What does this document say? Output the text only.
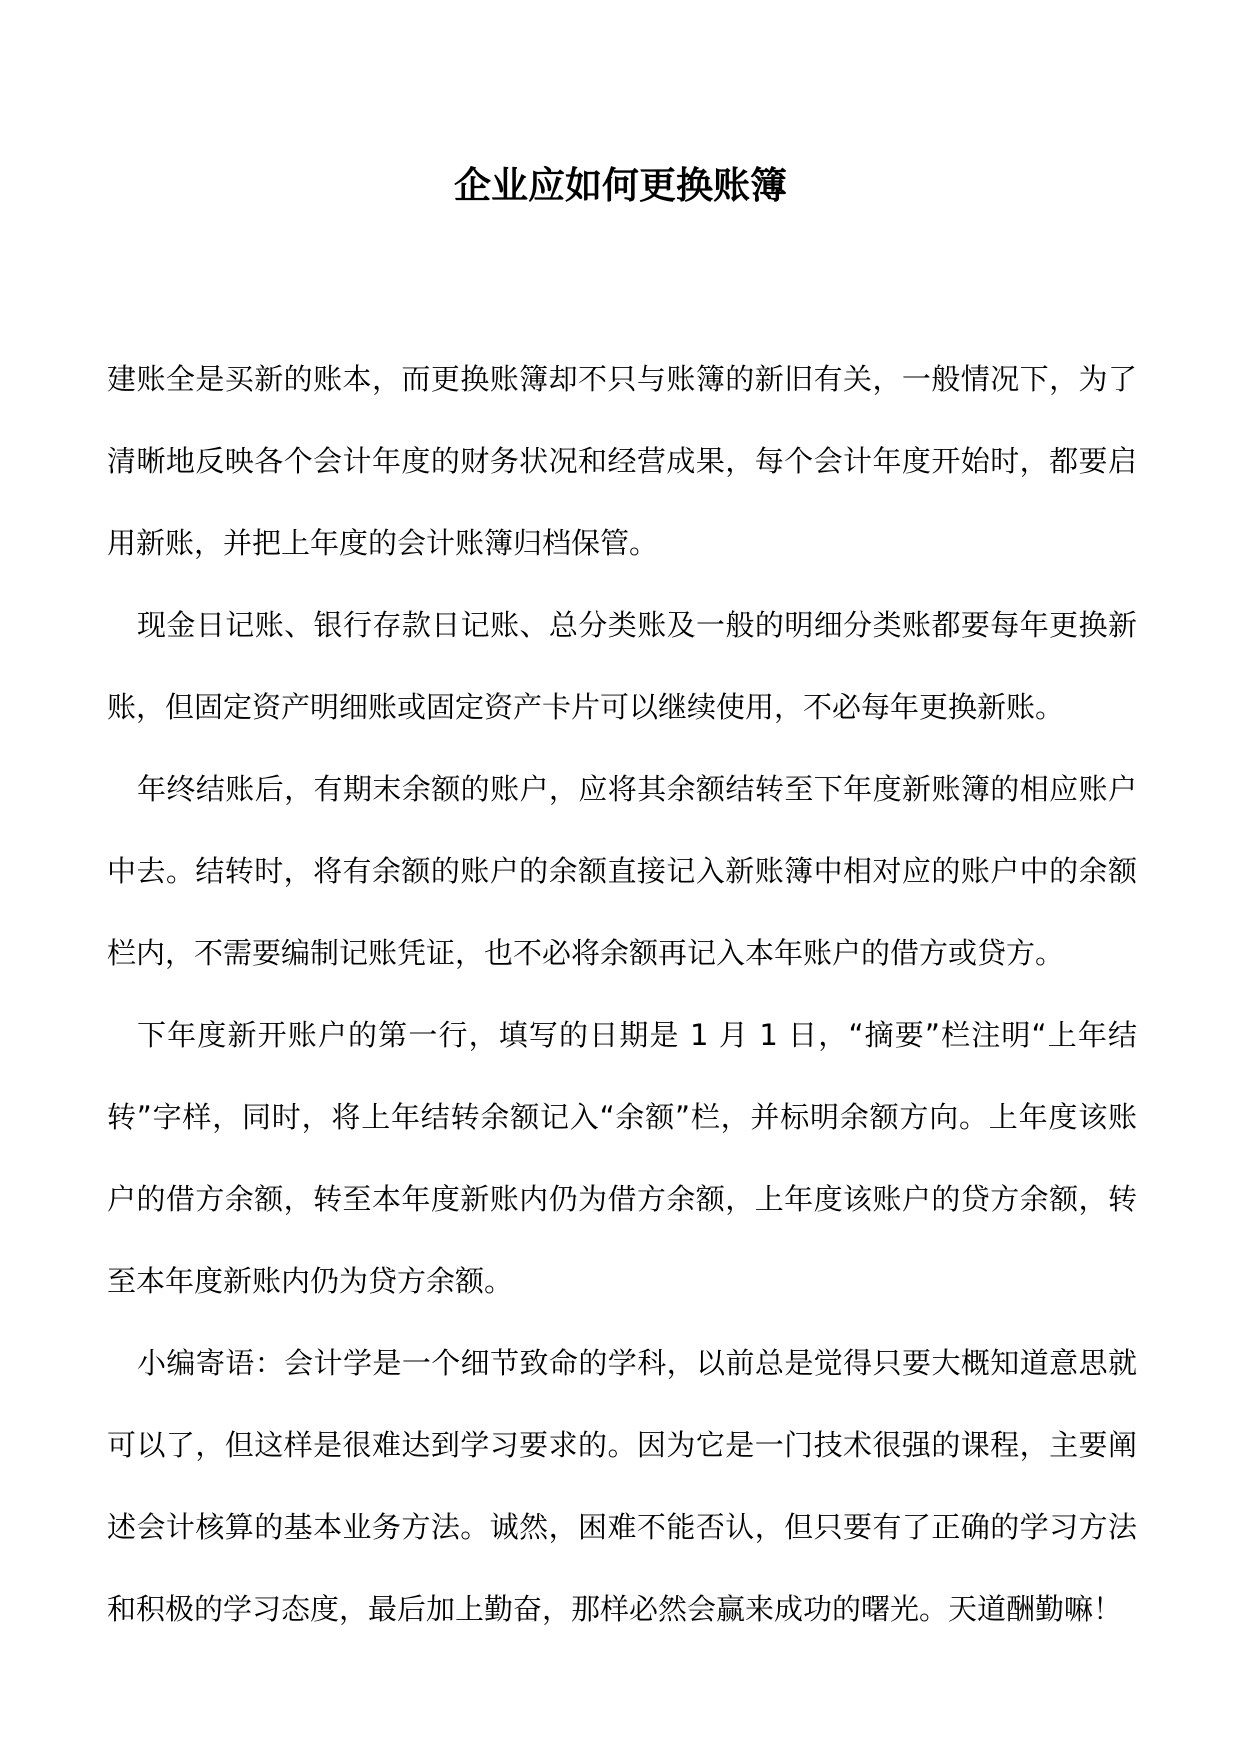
企业应如何更换账簿

建账全是买新的账本，而更换账簿却不只与账簿的新旧有关，一般情况下，为了清晰地反映各个会计年度的财务状况和经营成果，每个会计年度开始时，都要启用新账，并把上年度的会计账簿归档保管。

现金日记账、银行存款日记账、总分类账及一般的明细分类账都要每年更换新账，但固定资产明细账或固定资产卡片可以继续使用，不必每年更换新账。

年终结账后，有期末余额的账户，应将其余额结转至下年度新账簿的相应账户中去。结转时，将有余额的账户的余额直接记入新账簿中相对应的账户中的余额栏内，不需要编制记账凭证，也不必将余额再记入本年账户的借方或贷方。

下年度新开账户的第一行，填写的日期是 1 月 1 日，“摘要”栏注明“上年结转”字样，同时，将上年结转余额记入“余额”栏，并标明余额方向。上年度该账户的借方余额，转至本年度新账内仍为借方余额，上年度该账户的贷方余额，转至本年度新账内仍为贷方余额。

小编寄语：会计学是一个细节致命的学科，以前总是觉得只要大概知道意思就可以了，但这样是很难达到学习要求的。因为它是一门技术很强的课程，主要阐述会计核算的基本业务方法。诚然，困难不能否认，但只要有了正确的学习方法和积极的学习态度，最后加上勤奋，那样必然会赢来成功的曙光。天道酬勤嘛！
